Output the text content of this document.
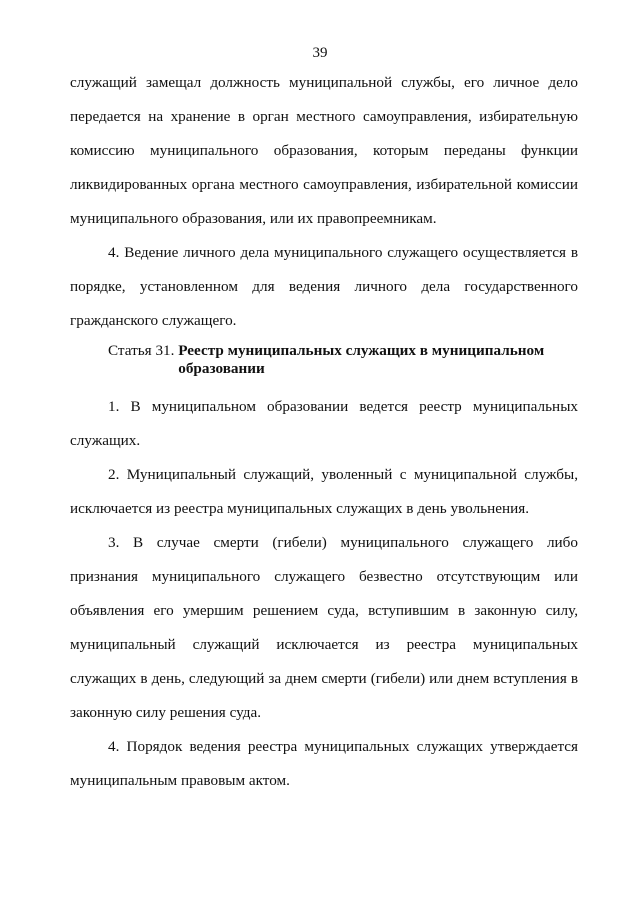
39

служащий замещал должность муниципальной службы, его личное дело передается на хранение в орган местного самоуправления, избирательную комиссию муниципального образования, которым переданы функции ликвидированных органа местного самоуправления, избирательной комиссии муниципального образования, или их правопреемникам.

4. Ведение личного дела муниципального служащего осуществляется в порядке, установленном для ведения личного дела государственного гражданского служащего.

Статья 31. Реестр муниципальных служащих в муниципальном образовании

1. В муниципальном образовании ведется реестр муниципальных служащих.

2. Муниципальный служащий, уволенный с муниципальной службы, исключается из реестра муниципальных служащих в день увольнения.

3. В случае смерти (гибели) муниципального служащего либо признания муниципального служащего безвестно отсутствующим или объявления его умершим решением суда, вступившим в законную силу, муниципальный служащий исключается из реестра муниципальных служащих в день, следующий за днем смерти (гибели) или днем вступления в законную силу решения суда.

4. Порядок ведения реестра муниципальных служащих утверждается муниципальным правовым актом.
